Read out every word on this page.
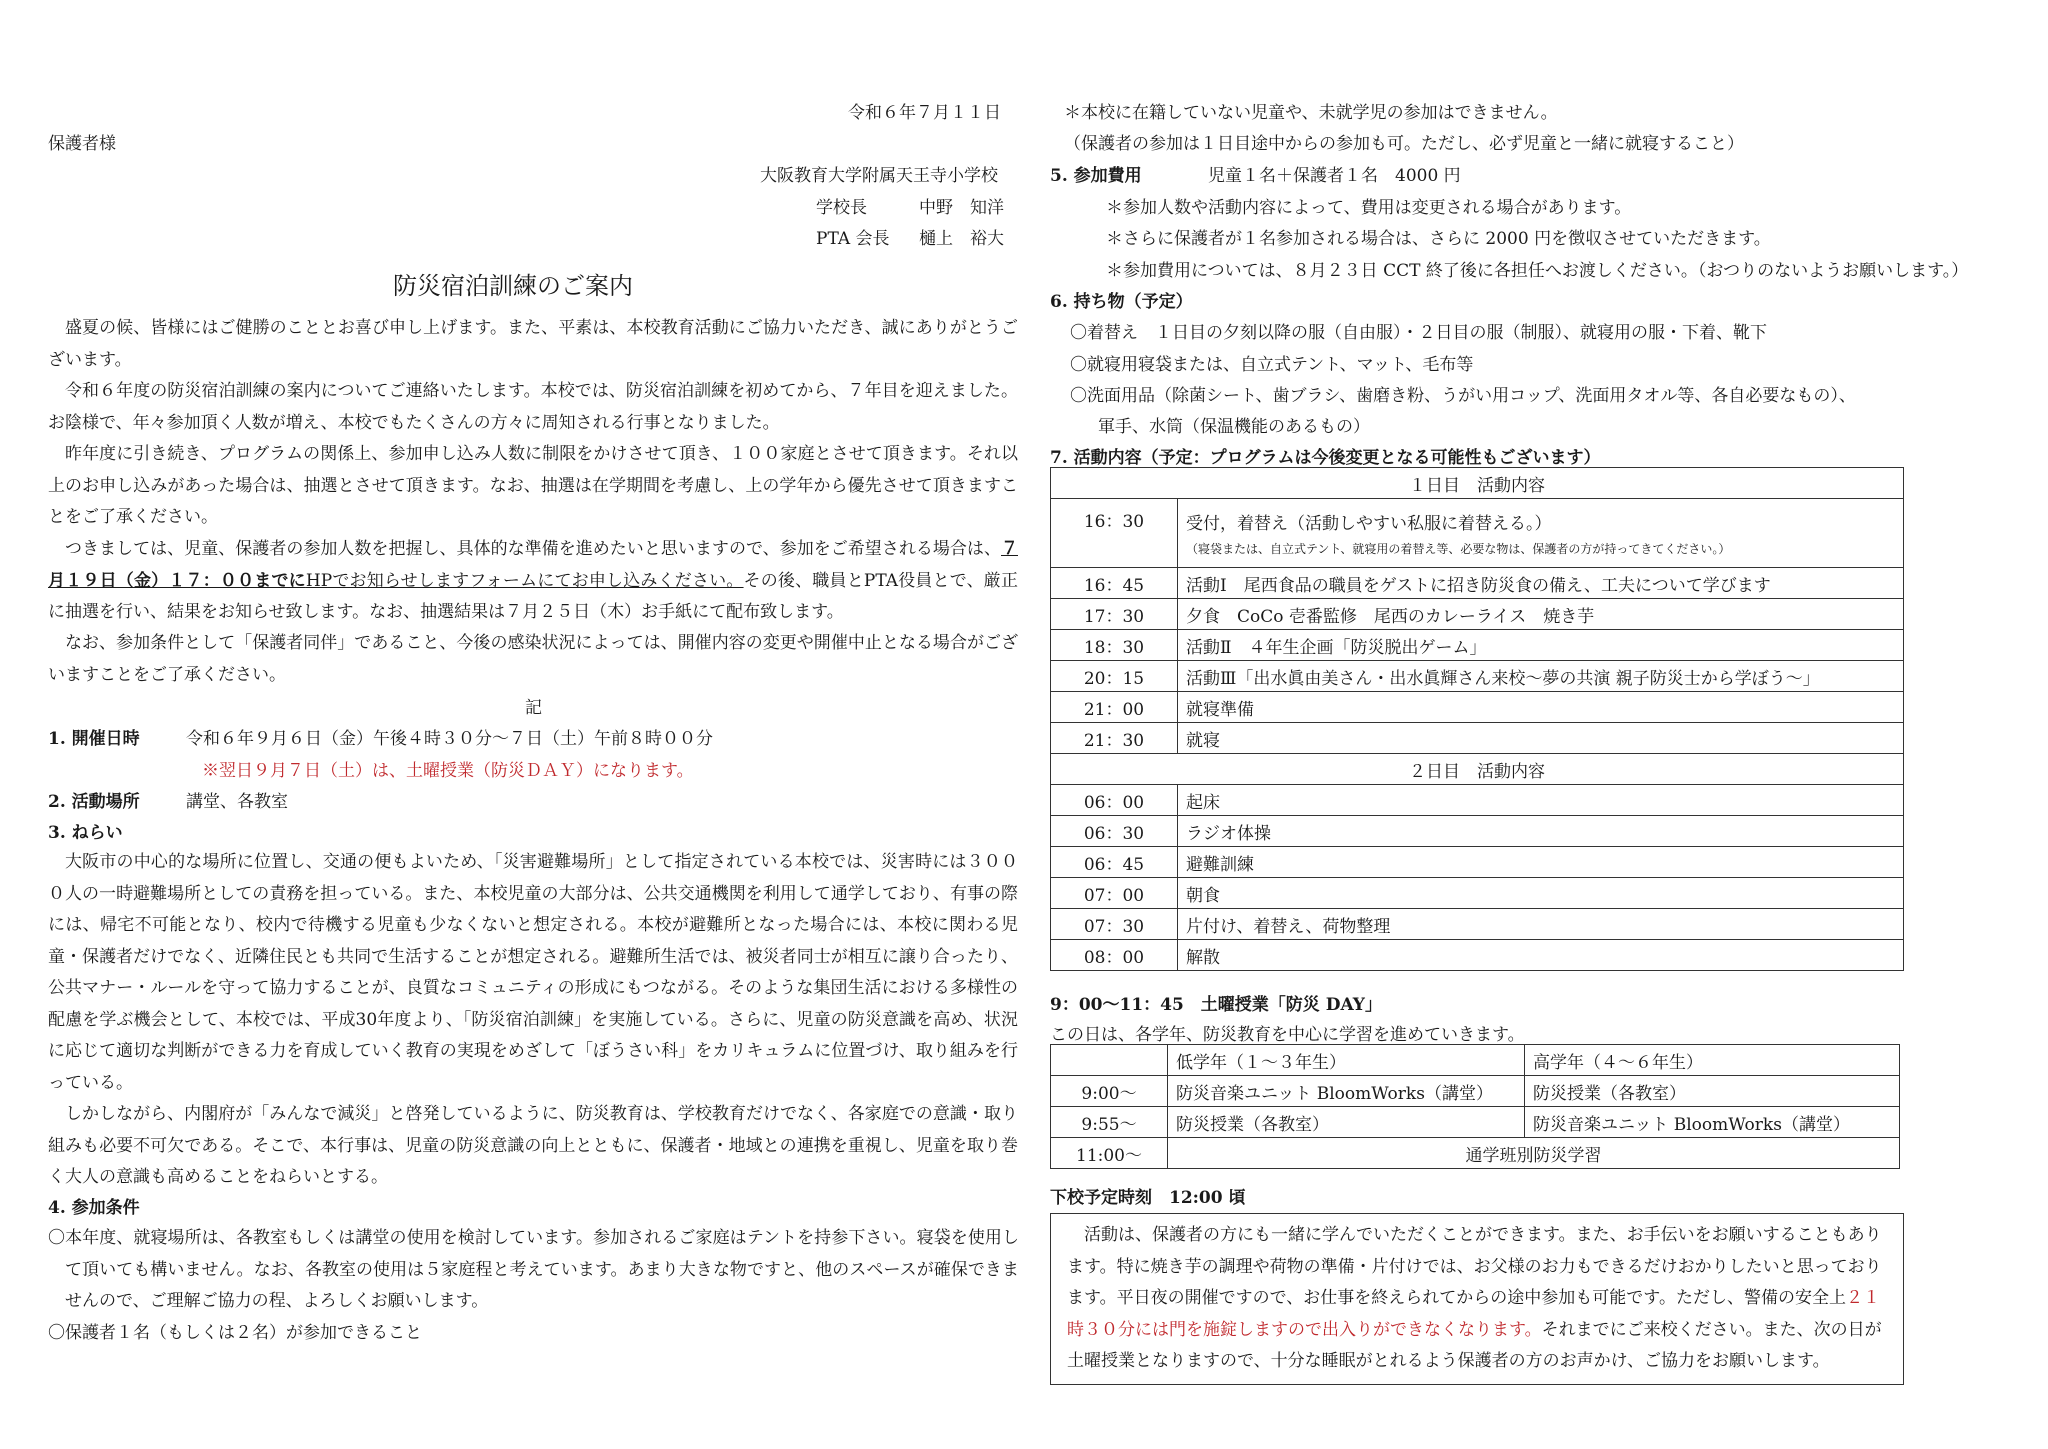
令和６年７月１１日
保護者様
大阪教育大学附属天王寺小学校
学校長	中野　知洋
PTA 会長 樋上　裕大
防災宿泊訓練のご案内

盛夏の候、皆様にはご健勝のこととお喜び申し上げます。また、平素は、本校教育活動にご協力いただき、誠にありがとうございます。

令和６年度の防災宿泊訓練の案内についてご連絡いたします。本校では、防災宿泊訓練を初めてから、７年目を迎えました。お陰様で、年々参加頂く人数が増え、本校でもたくさんの方々に周知される行事となりました。

昨年度に引き続き、プログラムの関係上、参加申し込み人数に制限をかけさせて頂き、１００家庭とさせて頂きます。それ以上のお申し込みがあった場合は、抽選とさせて頂きます。なお、抽選は在学期間を考慮し、上の学年から優先させて頂きますことをご了承ください。

つきましては、児童、保護者の参加人数を把握し、具体的な準備を進めたいと思いますので、参加をご希望される場合は、７月１９日（金）１７：００までにHPでお知らせしますフォームにてお申し込みください。その後、職員とPTA役員とで、厳正に抽選を行い、結果をお知らせ致します。なお、抽選結果は７月２５日（木）お手紙にて配布致します。

なお、参加条件として「保護者同伴」であること、今後の感染状況によっては、開催内容の変更や開催中止となる場合がございますことをご了承ください。

記
1. 開催日時	令和６年９月６日（金）午後４時３０分～７日（土）午前８時００分
※翌日９月７日（土）は、土曜授業（防災ＤＡＹ）になります。
2. 活動場所	講堂、各教室
3. ねらい

大阪市の中心的な場所に位置し、交通の便もよいため、「災害避難場所」として指定されている本校では、災害時には３０００人の一時避難場所としての責務を担っている。また、本校児童の大部分は、公共交通機関を利用して通学しており、有事の際には、帰宅不可能となり、校内で待機する児童も少なくないと想定される。本校が避難所となった場合には、本校に関わる児童・保護者だけでなく、近隣住民とも共同で生活することが想定される。避難所生活では、被災者同士が相互に譲り合ったり、公共マナー・ルールを守って協力することが、良質なコミュニティの形成にもつながる。そのような集団生活における多様性の配慮を学ぶ機会として、本校では、平成30年度より、「防災宿泊訓練」を実施している。さらに、児童の防災意識を高め、状況に応じて適切な判断ができる力を育成していく教育の実現をめざして「ぼうさい科」をカリキュラムに位置づけ、取り組みを行っている。

しかしながら、内閣府が「みんなで減災」と啓発しているように、防災教育は、学校教育だけでなく、各家庭での意識・取り組みも必要不可欠である。そこで、本行事は、児童の防災意識の向上とともに、保護者・地域との連携を重視し、児童を取り巻く大人の意識も高めることをねらいとする。

4. 参加条件

〇本年度、就寝場所は、各教室もしくは講堂の使用を検討しています。参加されるご家庭はテントを持参下さい。寝袋を使用して頂いても構いません。なお、各教室の使用は５家庭程と考えています。あまり大きな物ですと、他のスペースが確保できませんので、ご理解ご協力の程、よろしくお願いします。

〇保護者１名（もしくは２名）が参加できること
＊本校に在籍していない児童や、未就学児の参加はできません。
（保護者の参加は１日目途中からの参加も可。ただし、必ず児童と一緒に就寝すること）
5. 参加費用	児童１名＋保護者１名　4000 円
＊参加人数や活動内容によって、費用は変更される場合があります。
＊さらに保護者が１名参加される場合は、さらに 2000 円を徴収させていただきます。
＊参加費用については、８月２３日 CCT 終了後に各担任へお渡しください。（おつりのないようお願いします。）
6. 持ち物（予定）
〇着替え　１日目の夕刻以降の服（自由服）・２日目の服（制服）、就寝用の服・下着、靴下
〇就寝用寝袋または、自立式テント、マット、毛布等
〇洗面用品（除菌シート、歯ブラシ、歯磨き粉、うがい用コップ、洗面用タオル等、各自必要なもの）、
軍手、水筒（保温機能のあるもの）
7. 活動内容（予定：プログラムは今後変更となる可能性もございます）
１日目　活動内容	
16：30	受付，着替え（活動しやすい私服に着替える。）
（寝袋または、自立式テント、就寝用の着替え等、必要な物は、保護者の方が持ってきてください。）

16：45	活動Ⅰ　尾西食品の職員をゲストに招き防災食の備え、工夫について学びます
17：30	夕食　CoCo 壱番監修　尾西のカレーライス　焼き芋
18：30	活動Ⅱ　４年生企画「防災脱出ゲーム」
20：15	活動Ⅲ「出水眞由美さん・出水眞輝さん来校～夢の共演 親子防災士から学ぼう～」
21：00	就寝準備
21：30	就寝
２日目　活動内容	
06：00	起床
06：30	ラジオ体操
06：45	避難訓練
07：00	朝食
07：30	片付け、着替え、荷物整理
08：00	解散
9：00～11：45　土曜授業「防災 DAY」
この日は、各学年、防災教育を中心に学習を進めていきます。
	低学年（１～３年生）	高学年（４～６年生）
9:00～	防災音楽ユニット BloomWorks（講堂）	防災授業（各教室）
9:55～	防災授業（各教室）	防災音楽ユニット BloomWorks（講堂）
11:00～	通学班別防災学習	
下校予定時刻　12:00 頃
活動は、保護者の方にも一緒に学んでいただくことができます。また、お手伝いをお願いすることもあります。特に焼き芋の調理や荷物の準備・片付けでは、お父様のお力もできるだけおかりしたいと思っております。平日夜の開催ですので、お仕事を終えられてからの途中参加も可能です。ただし、警備の安全上２１時３０分には門を施錠しますので出入りができなくなります。それまでにご来校ください。また、次の日が土曜授業となりますので、十分な睡眠がとれるよう保護者の方のお声かけ、ご協力をお願いします。
